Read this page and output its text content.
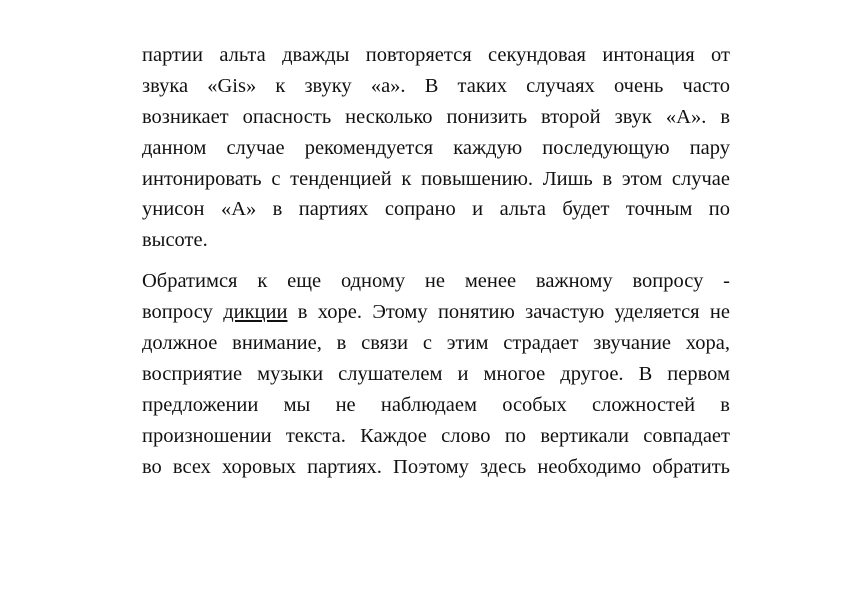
партии альта дважды повторяется секундовая интонация от
звука «Gis» к звуку «a». В таких случаях очень часто
возникает опасность несколько понизить второй звук «A». в
данном случае рекомендуется каждую последующую пару
интонировать с тенденцией к повышению. Лишь в этом случае
унисон «А» в партиях сопрано и альта будет точным по
высоте.
Обратимся к еще одному не менее важному вопросу -
вопросу дикции в хоре. Этому понятию зачастую уделяется не
должное внимание, в связи с этим страдает звучание хора,
восприятие музыки слушателем и многое другое. В первом
предложении мы не наблюдаем особых сложностей в
произношении текста. Каждое слово по вертикали совпадает
во всех хоровых партиях. Поэтому здесь необходимо обратить
